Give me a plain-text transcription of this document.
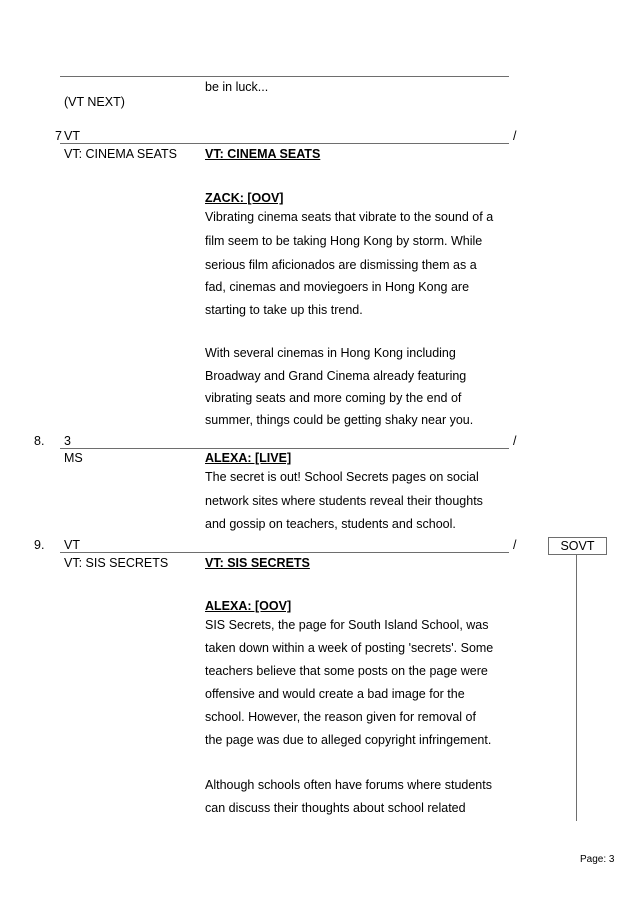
be in luck...
(VT NEXT)
7 VT	/
VT: CINEMA SEATS VT: CINEMA SEATS
ZACK: [OOV]
Vibrating cinema seats that vibrate to the sound of a
film seem to be taking Hong Kong by storm. While
serious film aficionados are dismissing them as a
fad, cinemas and moviegoers in Hong Kong are
starting to take up this trend.
With several cinemas in Hong Kong including
Broadway and Grand Cinema already featuring
vibrating seats and more coming by the end of
summer, things could be getting shaky near you.
8. 3	/
MS	ALEXA: [LIVE]
The secret is out! School Secrets pages on social
network sites where students reveal their thoughts
and gossip on teachers, students and school.
9. VT	/	SOVT
VT: SIS SECRETS	VT: SIS SECRETS
ALEXA: [OOV]
SIS Secrets, the page for South Island School, was
taken down within a week of posting 'secrets'. Some
teachers believe that some posts on the page were
offensive and would create a bad image for the
school. However, the reason given for removal of
the page was due to alleged copyright infringement.
Although schools often have forums where students
can discuss their thoughts about school related
Page: 3
